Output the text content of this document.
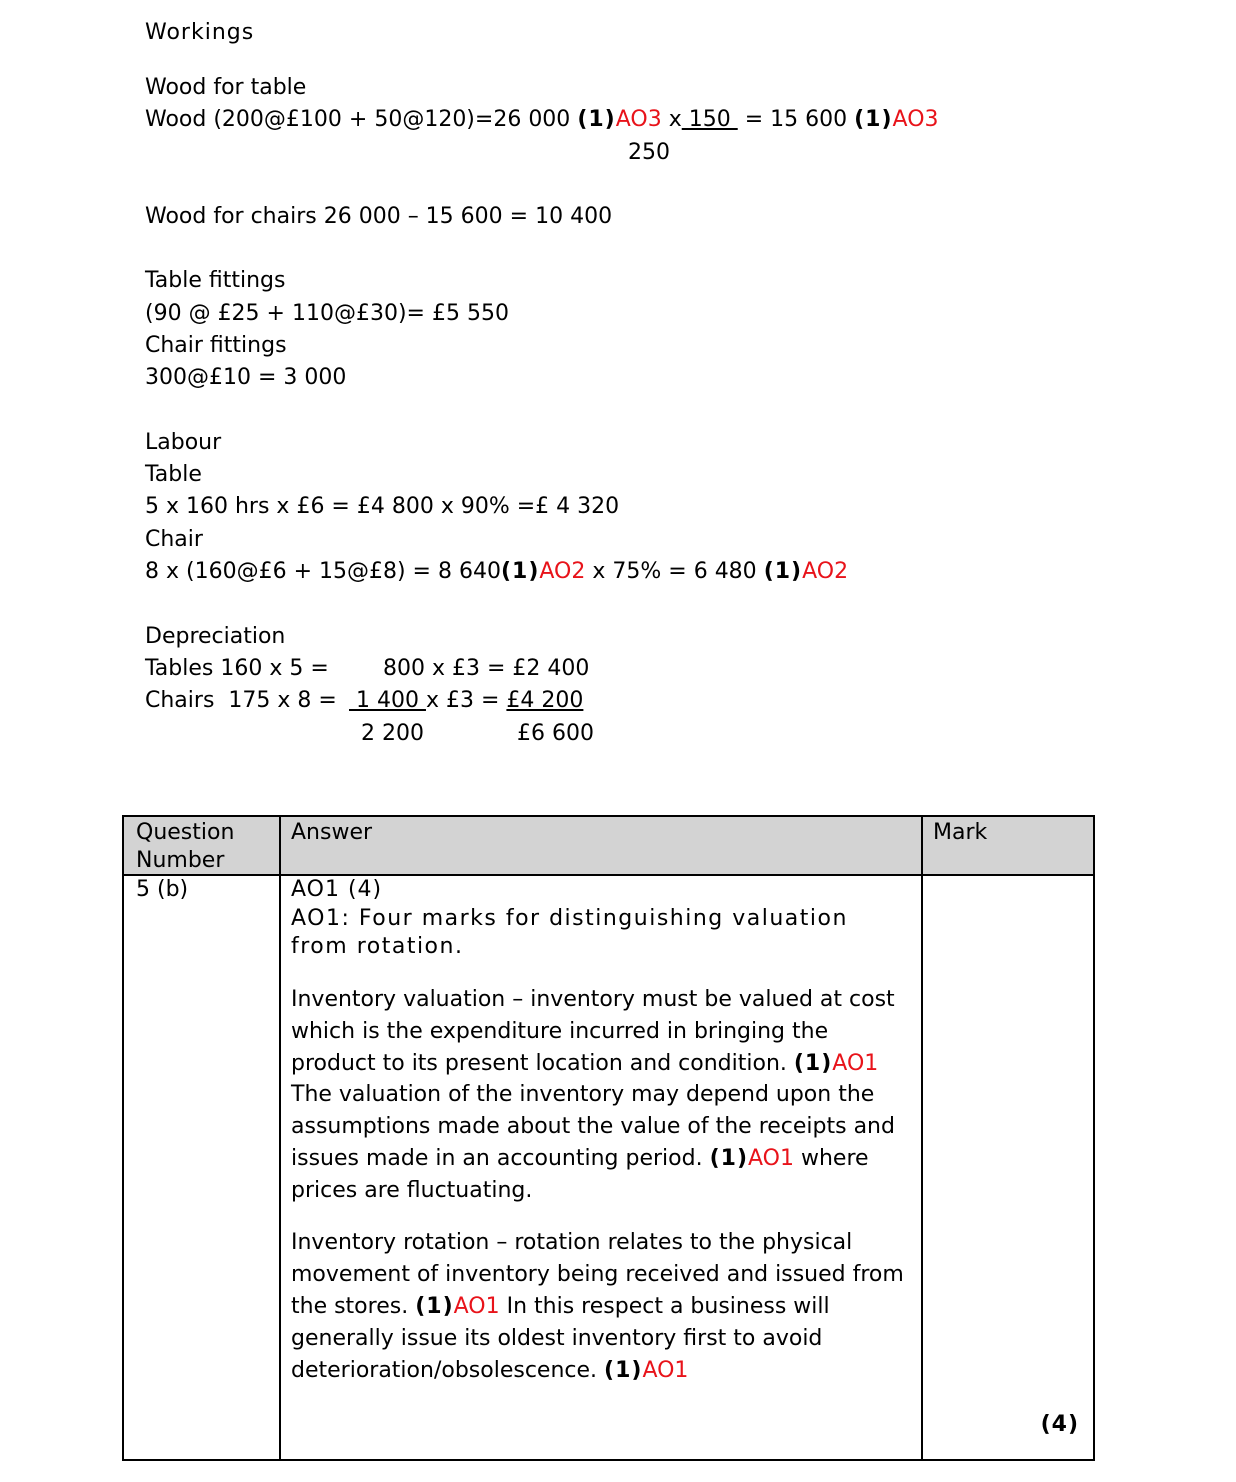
Workings
Wood for table
Wood (200@£100 + 50@120)=26 000 (1)AO3 x 150  = 15 600 (1)AO3
250
Wood for chairs 26 000 – 15 600 = 10 400
Table fittings
(90 @ £25 + 110@£30)= £5 550
Chair fittings
300@£10 = 3 000
Labour
Table
5 x 160 hrs x £6 = £4 800 x 90% =£ 4 320
Chair
8 x (160@£6 + 15@£8) = 8 640(1)AO2 x 75% = 6 480 (1)AO2
Depreciation
Tables 160 x 5 = 800 x £3 = £2 400
Chairs  175 x 8 = 1 400 x £3 = £4 200
2 200	£6 600
Question Number	Answer	Mark

5 (b)	AO1 (4)

AO1: Four marks for distinguishing valuation from rotation.

Inventory valuation – inventory must be valued at cost which is the expenditure incurred in bringing the product to its present location and condition. (1)AO1 The valuation of the inventory may depend upon the assumptions made about the value of the receipts and issues made in an accounting period. (1)AO1 where prices are fluctuating.

Inventory rotation – rotation relates to the physical movement of inventory being received and issued from the stores. (1)AO1 In this respect a business will generally issue its oldest inventory first to avoid deterioration/obsolescence. (1)AO1	(4)
